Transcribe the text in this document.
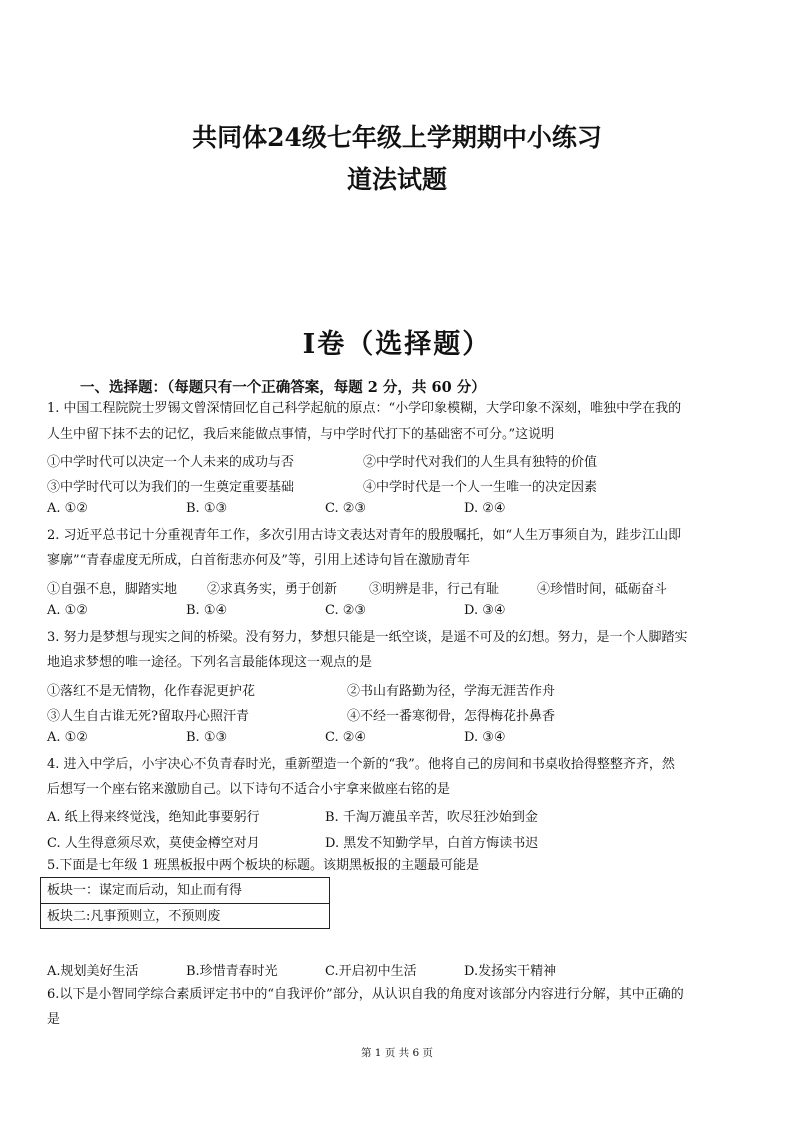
共同体24级七年级上学期期中小练习
道法试题
Ⅰ卷（选择题）
一、选择题：（每题只有一个正确答案，每题 2 分，共 60 分）
1. 中国工程院院士罗锡文曾深情回忆自己科学起航的原点：“小学印象模糊，大学印象不深刻，唯独中学在我的
人生中留下抹不去的记忆，我后来能做点事情，与中学时代打下的基础密不可分。”这说明
①中学时代可以决定一个人未来的成功与否	②中学时代对我们的人生具有独特的价值
③中学时代可以为我们的一生奠定重要基础	④中学时代是一个人一生唯一的决定因素
A. ①②	B. ①③	C. ②③	D. ②④
2. 习近平总书记十分重视青年工作，多次引用古诗文表达对青年的殷殷嘱托，如“人生万事须自为，跬步江山即
寥廓”“青春虚度无所成，白首衔悲亦何及”等，引用上述诗句旨在激励青年
①自强不息，脚踏实地 ②求真务实，勇于创新 ③明辨是非，行己有耻	④珍惜时间，砥砺奋斗
A. ①②	B. ①④	C. ②③	D. ③④
3. 努力是梦想与现实之间的桥梁。没有努力，梦想只能是一纸空谈，是遥不可及的幻想。努力，是一个人脚踏实
地追求梦想的唯一途径。下列名言最能体现这一观点的是
①落红不是无情物，化作春泥更护花	②书山有路勤为径，学海无涯苦作舟
③人生自古谁无死?留取丹心照汗青	④不经一番寒彻骨，怎得梅花扑鼻香
A. ①②	B. ①③	C. ②④	D. ③④
4. 进入中学后，小宇决心不负青春时光，重新塑造一个新的“我”。他将自己的房间和书桌收拾得整整齐齐，然
后想写一个座右铭来激励自己。以下诗句不适合小宇拿来做座右铭的是
A. 纸上得来终觉浅，绝知此事要躬行	B. 千淘万漉虽辛苦，吹尽狂沙始到金
C. 人生得意须尽欢，莫使金樽空对月	D. 黑发不知勤学早，白首方悔读书迟
5.下面是七年级 1 班黑板报中两个板块的标题。该期黑板报的主题最可能是
板块一：谋定而后动，知止而有得
板块二:凡事预则立，不预则废
A.规划美好生活	B.珍惜青春时光	C.开启初中生活	D.发扬实干精神
6.以下是小智同学综合素质评定书中的“自我评价”部分，从认识自我的角度对该部分内容进行分解，其中正确的
是
第 1 页 共 6 页
